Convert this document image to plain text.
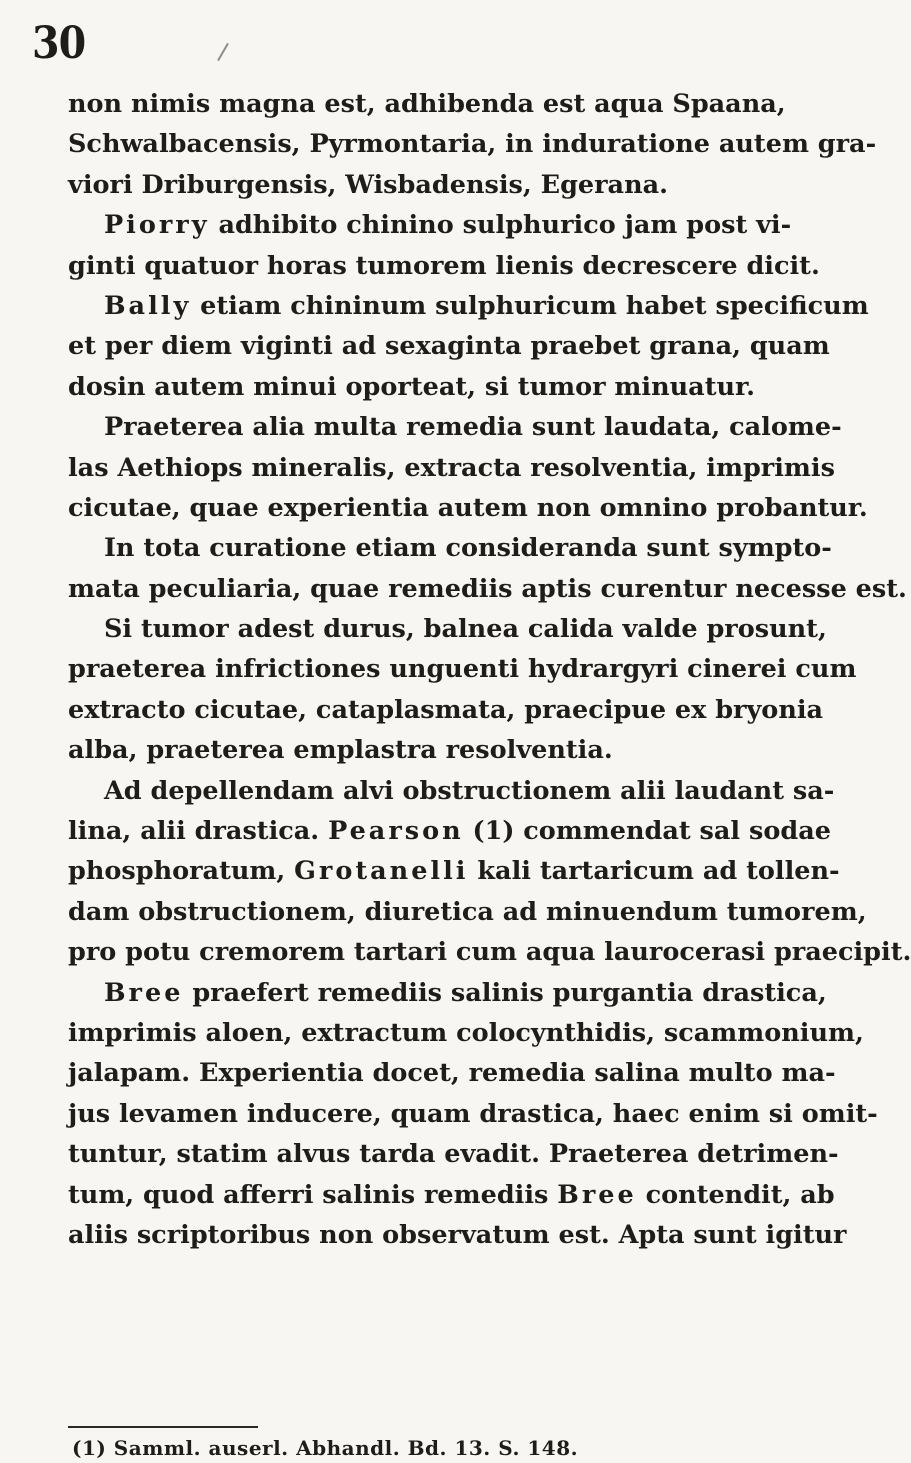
30
non nimis magna est, adhibenda est aqua Spaana,
Schwalbacensis, Pyrmontaria, in induratione autem gra-
viori Driburgensis, Wisbadensis, Egerana.
Piorry adhibito chinino sulphurico jam post vi-
ginti quatuor horas tumorem lienis decrescere dicit.
Bally etiam chininum sulphuricum habet specificum
et per diem viginti ad sexaginta praebet grana, quam
dosin autem minui oporteat, si tumor minuatur.
Praeterea alia multa remedia sunt laudata, calome-
las Aethiops mineralis, extracta resolventia, imprimis
cicutae, quae experientia autem non omnino probantur.
In tota curatione etiam consideranda sunt sympto-
mata peculiaria, quae remediis aptis curentur necesse est.
Si tumor adest durus, balnea calida valde prosunt,
praeterea infrictiones unguenti hydrargyri cinerei cum
extracto cicutae, cataplasmata, praecipue ex bryonia
alba, praeterea emplastra resolventia.
Ad depellendam alvi obstructionem alii laudant sa-
lina, alii drastica. Pearson (1) commendat sal sodae
phosphoratum, Grotanelli kali tartaricum ad tollen-
dam obstructionem, diuretica ad minuendum tumorem,
pro potu cremorem tartari cum aqua laurocerasi praecipit.
Bree praefert remediis salinis purgantia drastica,
imprimis aloen, extractum colocynthidis, scammonium,
jalapam. Experientia docet, remedia salina multo ma-
jus levamen inducere, quam drastica, haec enim si omit-
tuntur, statim alvus tarda evadit. Praeterea detrimen-
tum, quod afferri salinis remediis Bree contendit, ab
aliis scriptoribus non observatum est. Apta sunt igitur
(1) Samml. auserl. Abhandl. Bd. 13. S. 148.
